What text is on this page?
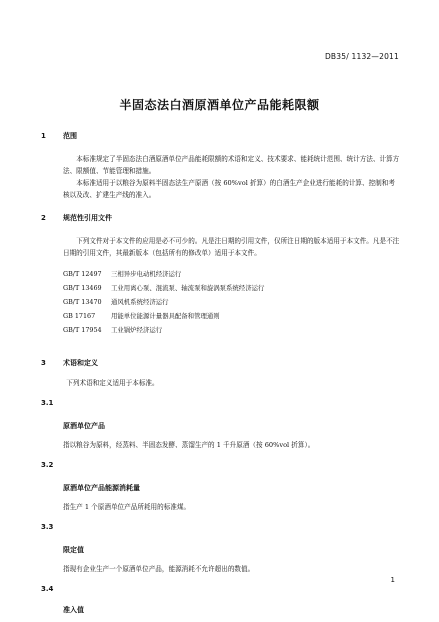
DB35/ 1132—2011
半固态法白酒原酒单位产品能耗限额
1 范围
本标准规定了半固态法白酒原酒单位产品能耗限额的术语和定义、技术要求、能耗统计范围、统计方法、计算方法、限额值、节能管理和措施。
本标准适用于以粮谷为原料半固态法生产原酒（按 60%vol 折算）的白酒生产企业进行能耗的计算、控制和考核以及改、扩建生产线的准入。
2 规范性引用文件
下列文件对于本文件的应用是必不可少的。凡是注日期的引用文件，仅所注日期的版本适用于本文件。凡是不注日期的引用文件，其最新版本（包括所有的修改单）适用于本文件。
GB/T 12497 三相异步电动机经济运行
GB/T 13469 工业用离心泵、混流泵、轴流泵和旋涡泵系统经济运行
GB/T 13470 通风机系统经济运行
GB 17167 用能单位能源计量器具配备和管理通则
GB/T 17954 工业锅炉经济运行
3 术语和定义
下列术语和定义适用于本标准。
3.1
原酒单位产品
指以粮谷为原料，经蒸料、半固态发酵、蒸馏生产的 1 千升原酒（按 60%vol 折算）。
3.2
原酒单位产品能源消耗量
指生产 1 个原酒单位产品所耗用的标准煤。
3.3
限定值
指现有企业生产一个原酒单位产品，能源消耗不允许超出的数值。
3.4
准入值
1
